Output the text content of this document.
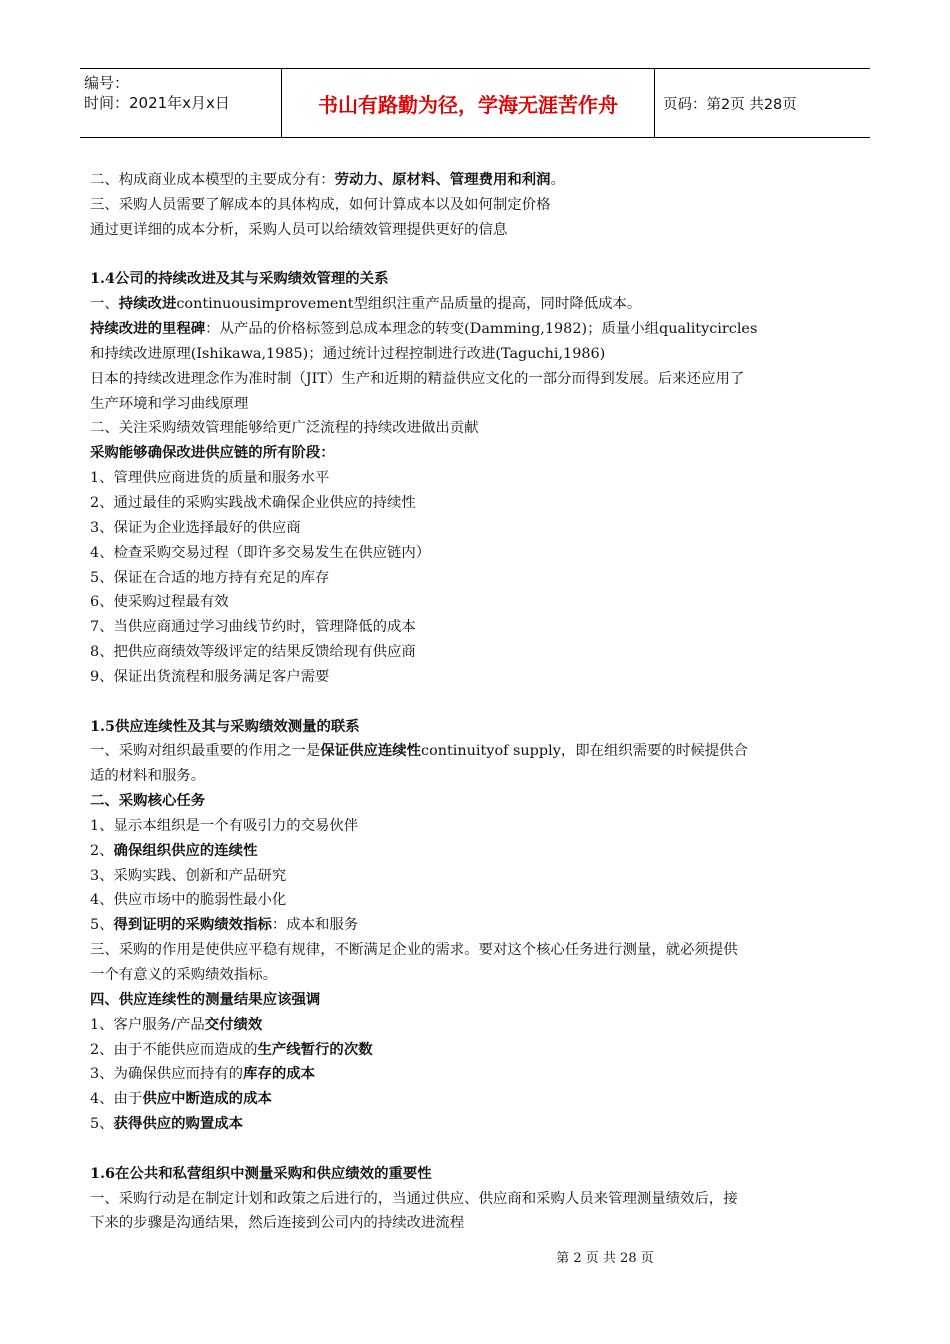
编号：
时间：2021年x月x日	书山有路勤为径，学海无涯苦作舟	页码：第2页 共28页
二、构成商业成本模型的主要成分有：劳动力、原材料、管理费用和利润。
三、采购人员需要了解成本的具体构成，如何计算成本以及如何制定价格
通过更详细的成本分析，采购人员可以给绩效管理提供更好的信息
1.4公司的持续改进及其与采购绩效管理的关系
一、持续改进continuousimprovement型组织注重产品质量的提高，同时降低成本。
持续改进的里程碑：从产品的价格标签到总成本理念的转变(Damming,1982)；质量小组qualitycircles
和持续改进原理(Ishikawa,1985)；通过统计过程控制进行改进(Taguchi,1986)
日本的持续改进理念作为准时制（JIT）生产和近期的精益供应文化的一部分而得到发展。后来还应用了
生产环境和学习曲线原理
二、关注采购绩效管理能够给更广泛流程的持续改进做出贡献
采购能够确保改进供应链的所有阶段：
1、管理供应商进货的质量和服务水平
2、通过最佳的采购实践战术确保企业供应的持续性
3、保证为企业选择最好的供应商
4、检查采购交易过程（即许多交易发生在供应链内）
5、保证在合适的地方持有充足的库存
6、使采购过程最有效
7、当供应商通过学习曲线节约时，管理降低的成本
8、把供应商绩效等级评定的结果反馈给现有供应商
9、保证出货流程和服务满足客户需要
1.5供应连续性及其与采购绩效测量的联系
一、采购对组织最重要的作用之一是保证供应连续性continuityof supply，即在组织需要的时候提供合
适的材料和服务。
二、采购核心任务
1、显示本组织是一个有吸引力的交易伙伴
2、确保组织供应的连续性
3、采购实践、创新和产品研究
4、供应市场中的脆弱性最小化
5、得到证明的采购绩效指标：成本和服务
三、采购的作用是使供应平稳有规律，不断满足企业的需求。要对这个核心任务进行测量，就必须提供
一个有意义的采购绩效指标。
四、供应连续性的测量结果应该强调
1、客户服务/产品交付绩效
2、由于不能供应而造成的生产线暂行的次数
3、为确保供应而持有的库存的成本
4、由于供应中断造成的成本
5、获得供应的购置成本
1.6在公共和私营组织中测量采购和供应绩效的重要性
一、采购行动是在制定计划和政策之后进行的，当通过供应、供应商和采购人员来管理测量绩效后，接
下来的步骤是沟通结果，然后连接到公司内的持续改进流程
第 2 页 共 28 页
